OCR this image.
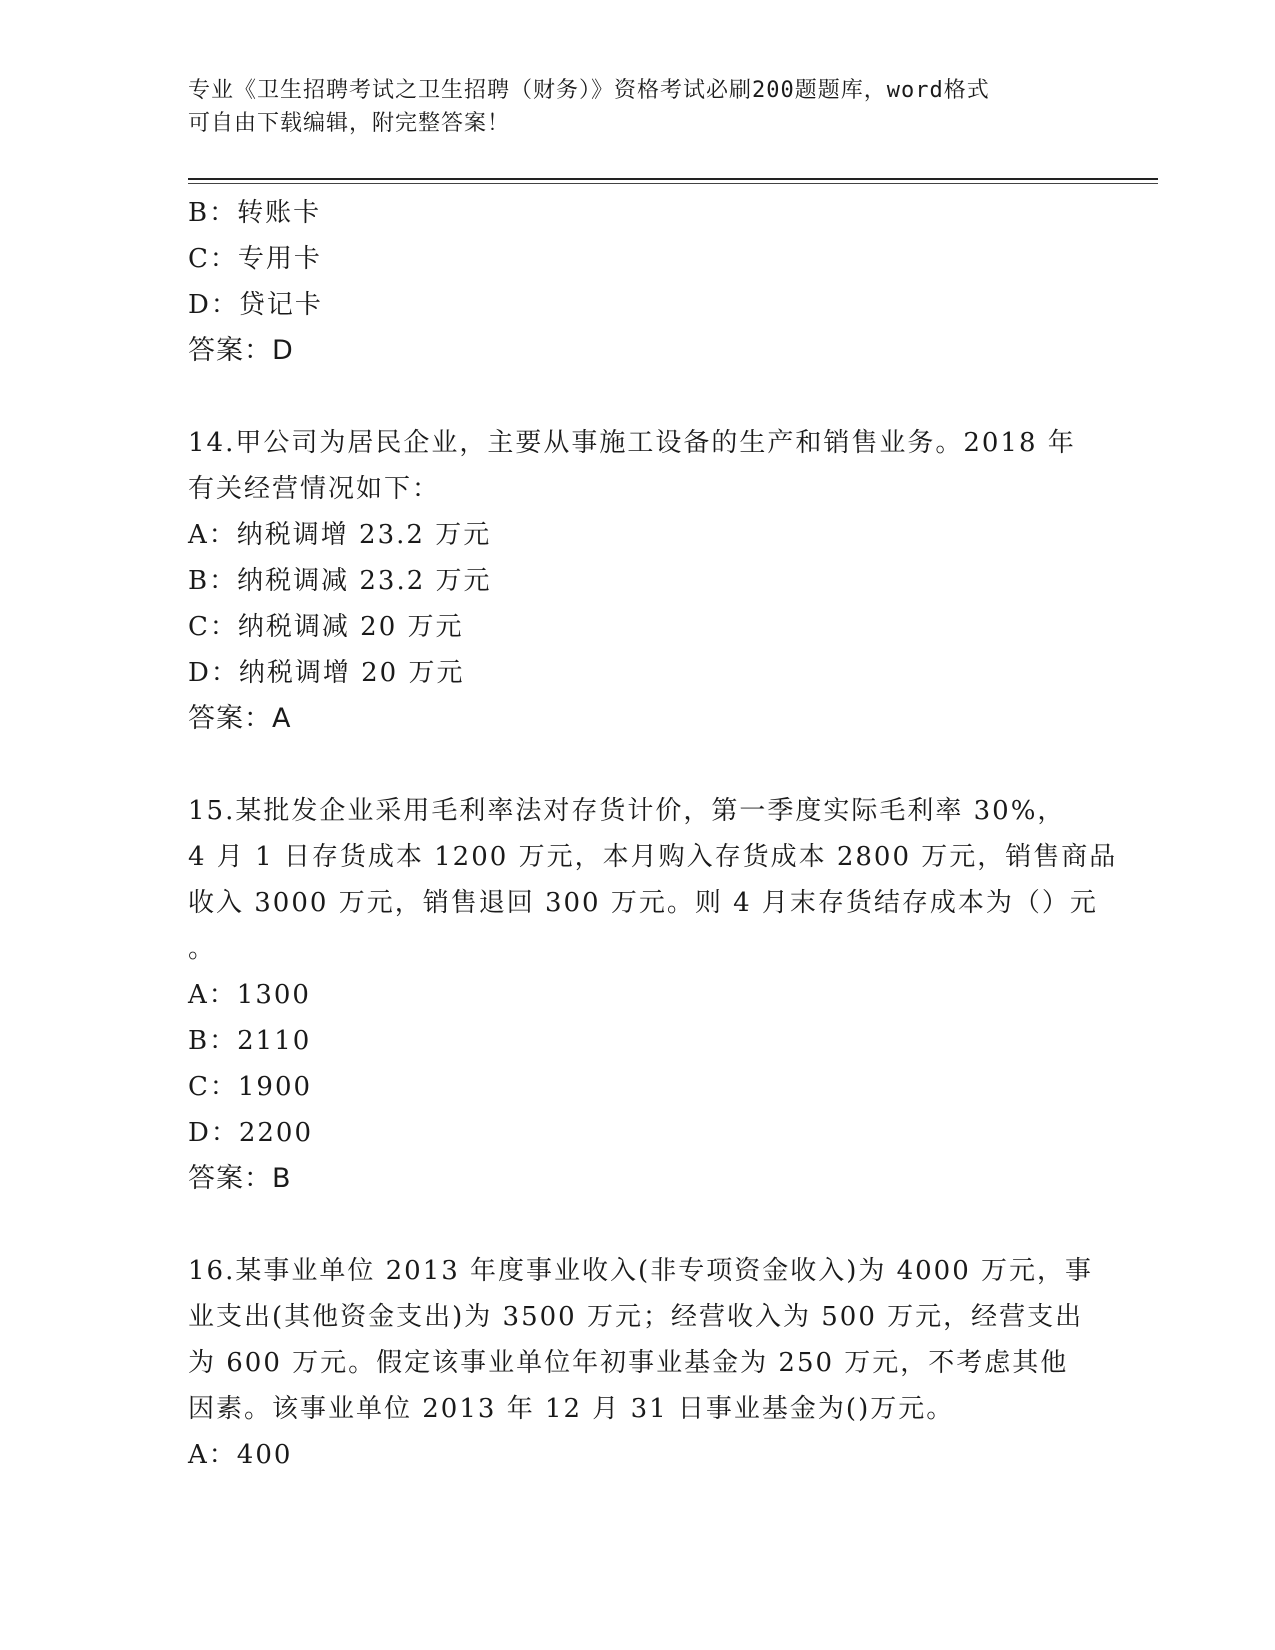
专业《卫生招聘考试之卫生招聘（财务）》资格考试必刷200题题库，word格式
可自由下载编辑，附完整答案！
B：转账卡
C：专用卡
D：贷记卡
答案：D
14.甲公司为居民企业，主要从事施工设备的生产和销售业务。2018 年
有关经营情况如下：
A：纳税调增 23.2 万元
B：纳税调减 23.2 万元
C：纳税调减 20 万元
D：纳税调增 20 万元
答案：A
15.某批发企业采用毛利率法对存货计价，第一季度实际毛利率 30%，
4 月 1 日存货成本 1200 万元，本月购入存货成本 2800 万元，销售商品
收入 3000 万元，销售退回 300 万元。则 4 月末存货结存成本为（）元
。
A：1300
B：2110
C：1900
D：2200
答案：B
16.某事业单位 2013 年度事业收入(非专项资金收入)为 4000 万元，事
业支出(其他资金支出)为 3500 万元；经营收入为 500 万元，经营支出
为 600 万元。假定该事业单位年初事业基金为 250 万元，不考虑其他
因素。该事业单位 2013 年 12 月 31 日事业基金为()万元。
A：400
